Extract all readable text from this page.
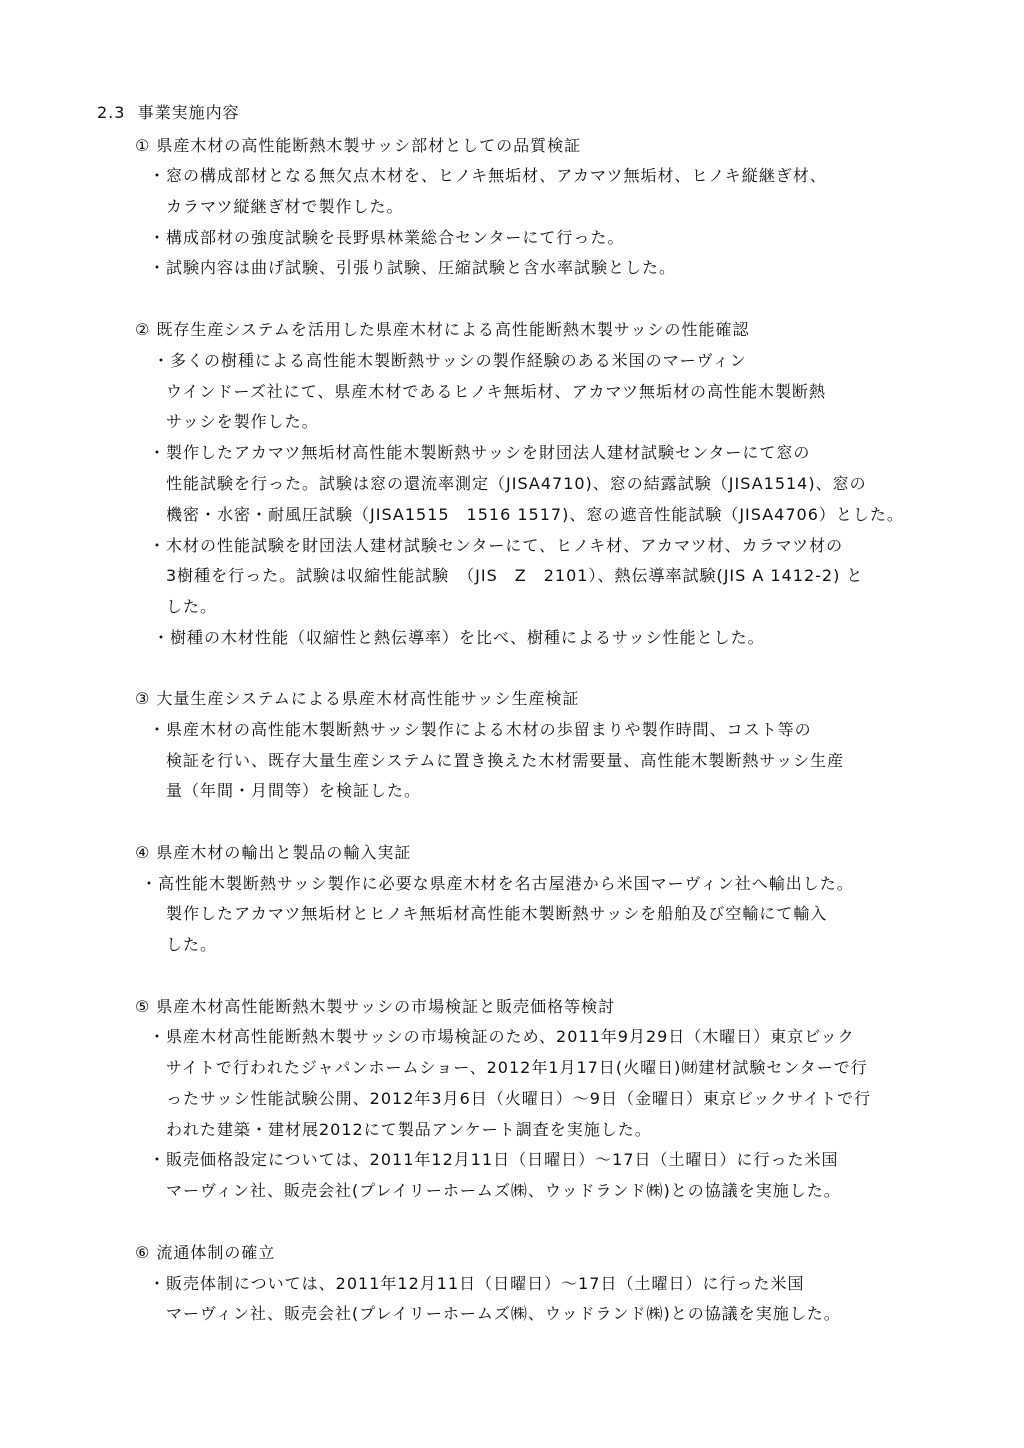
2.3 事業実施内容
① 県産木材の高性能断熱木製サッシ部材としての品質検証
・窓の構成部材となる無欠点木材を、ヒノキ無垢材、アカマツ無垢材、ヒノキ縦継ぎ材、
カラマツ縦継ぎ材で製作した。
・構成部材の強度試験を長野県林業総合センターにて行った。
・試験内容は曲げ試験、引張り試験、圧縮試験と含水率試験とした。
② 既存生産システムを活用した県産木材による高性能断熱木製サッシの性能確認
・多くの樹種による高性能木製断熱サッシの製作経験のある米国のマーヴィン
ウインドーズ社にて、県産木材であるヒノキ無垢材、アカマツ無垢材の高性能木製断熱
サッシを製作した。
・製作したアカマツ無垢材高性能木製断熱サッシを財団法人建材試験センターにて窓の
性能試験を行った。試験は窓の還流率測定（JISA4710)、窓の結露試験（JISA1514)、窓の
機密・水密・耐風圧試験（JISA1515　1516 1517)、窓の遮音性能試験（JISA4706）とした。
・木材の性能試験を財団法人建材試験センターにて、ヒノキ材、アカマツ材、カラマツ材の
3樹種を行った。試験は収縮性能試験　（JIS　Z　2101）、熱伝導率試験(JIS A 1412-2) と
した。
・樹種の木材性能（収縮性と熱伝導率）を比べ、樹種によるサッシ性能とした。
③ 大量生産システムによる県産木材高性能サッシ生産検証
・県産木材の高性能木製断熱サッシ製作による木材の歩留まりや製作時間、コスト等の
検証を行い、既存大量生産システムに置き換えた木材需要量、高性能木製断熱サッシ生産
量（年間・月間等）を検証した。
④ 県産木材の輸出と製品の輸入実証
・高性能木製断熱サッシ製作に必要な県産木材を名古屋港から米国マーヴィン社へ輸出した。
製作したアカマツ無垢材とヒノキ無垢材高性能木製断熱サッシを船舶及び空輸にて輸入
した。
⑤ 県産木材高性能断熱木製サッシの市場検証と販売価格等検討
・県産木材高性能断熱木製サッシの市場検証のため、2011年9月29日（木曜日）東京ビック
サイトで行われたジャパンホームショー、2012年1月17日(火曜日)㈶建材試験センターで行
ったサッシ性能試験公開、2012年3月6日（火曜日）～9日（金曜日）東京ビックサイトで行
われた建築・建材展2012にて製品アンケート調査を実施した。
・販売価格設定については、2011年12月11日（日曜日）～17日（土曜日）に行った米国
マーヴィン社、販売会社(プレイリーホームズ㈱、ウッドランド㈱)との協議を実施した。
⑥ 流通体制の確立
・販売体制については、2011年12月11日（日曜日）～17日（土曜日）に行った米国
マーヴィン社、販売会社(プレイリーホームズ㈱、ウッドランド㈱)との協議を実施した。
